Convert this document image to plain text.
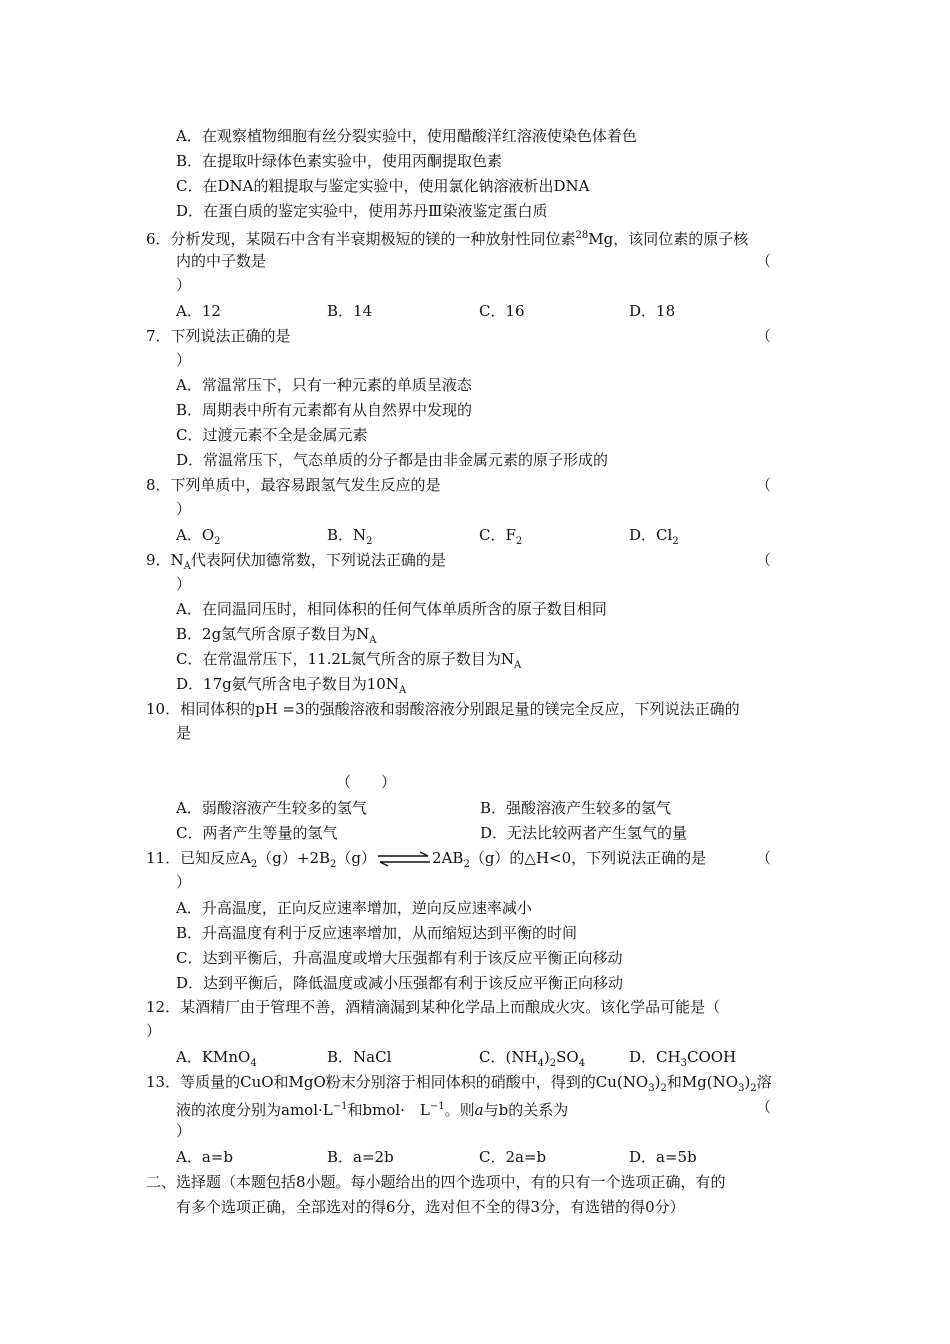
A．在观察植物细胞有丝分裂实验中，使用醋酸洋红溶液使染色体着色
B．在提取叶绿体色素实验中，使用丙酮提取色素
C．在DNA的粗提取与鉴定实验中，使用氯化钠溶液析出DNA
D．在蛋白质的鉴定实验中，使用苏丹Ⅲ染液鉴定蛋白质
6．分析发现，某陨石中含有半衰期极短的镁的一种放射性同位素$^{28}$Mg，该同位素的原子核
内的中子数是	（
）
A．12	B．14	C．16	D．18
7．下列说法正确的是	（
）
A．常温常压下，只有一种元素的单质呈液态
B．周期表中所有元素都有从自然界中发现的
C．过渡元素不全是金属元素
D．常温常压下，气态单质的分子都是由非金属元素的原子形成的
8．下列单质中，最容易跟氢气发生反应的是	（
）
A．$O_2$	B．$N_2$	C．$F_2$	D．$Cl_2$
9．$N_A$代表阿伏加德常数，下列说法正确的是	（
）
A．在同温同压时，相同体积的任何气体单质所含的原子数目相同
B．2g氢气所含原子数目为$N_A$
C．在常温常压下，11.2L氮气所含的原子数目为$N_A$
D．17g氨气所含电子数目为$10N_A$
10．相同体积的pH =3的强酸溶液和弱酸溶液分别跟足量的镁完全反应，下列说法正确的
是
（　　）
A．弱酸溶液产生较多的氢气	B．强酸溶液产生较多的氢气
C．两者产生等量的氢气	D．无法比较两者产生氢气的量
11．已知反应$A_2(g)+2B_2(g)$ ⇌ $2AB_2(g)$的△H<0，下列说法正确的是	（
）
A．升高温度，正向反应速率增加，逆向反应速率减小
B．升高温度有利于反应速率增加，从而缩短达到平衡的时间
C．达到平衡后，升高温度或增大压强都有利于该反应平衡正向移动
D．达到平衡后，降低温度或减小压强都有利于该反应平衡正向移动
12．某酒精厂由于管理不善，酒精滴漏到某种化学品上而酿成火灾。该化学品可能是（
）
A．KMnO$_4$	B．NaCl	C．$(NH_4)_2SO_4$	D．$CH_3COOH$
13．等质量的CuO和MgO粉末分别溶于相同体积的硝酸中，得到的$Cu(NO_3)_2$和$Mg(NO_3)_2$溶
液的浓度分别为$amol\cdot L^{-1}$和bmol·　$L^{-1}$。则a与b的关系为	（
）
A．a=b	B．a=2b	C．2a=b	D．a=5b
二、选择题（本题包括8小题。每小题给出的四个选项中，有的只有一个选项正确，有的
有多个选项正确，全部选对的得6分，选对但不全的得3分，有选错的得0分）
